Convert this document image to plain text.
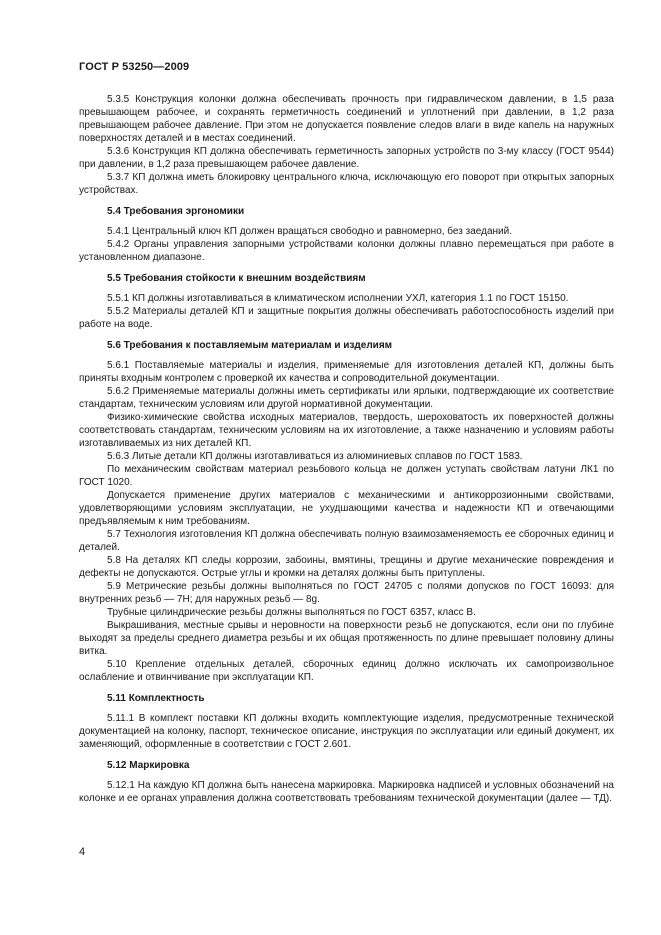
ГОСТ Р 53250—2009
5.3.5 Конструкция колонки должна обеспечивать прочность при гидравлическом давлении, в 1,5 раза превышающем рабочее, и сохранять герметичность соединений и уплотнений при давлении, в 1,2 раза превышающем рабочее давление. При этом не допускается появление следов влаги в виде капель на наружных поверхностях деталей и в местах соединений.
5.3.6 Конструкция КП должна обеспечивать герметичность запорных устройств по 3-му классу (ГОСТ 9544) при давлении, в 1,2 раза превышающем рабочее давление.
5.3.7 КП должна иметь блокировку центрального ключа, исключающую его поворот при открытых запорных устройствах.
5.4 Требования эргономики
5.4.1 Центральный ключ КП должен вращаться свободно и равномерно, без заеданий.
5.4.2 Органы управления запорными устройствами колонки должны плавно перемещаться при работе в установленном диапазоне.
5.5 Требования стойкости к внешним воздействиям
5.5.1 КП должны изготавливаться в климатическом исполнении УХЛ, категория 1.1 по ГОСТ 15150.
5.5.2 Материалы деталей КП и защитные покрытия должны обеспечивать работоспособность изделий при работе на воде.
5.6 Требования к поставляемым материалам и изделиям
5.6.1 Поставляемые материалы и изделия, применяемые для изготовления деталей КП, должны быть приняты входным контролем с проверкой их качества и сопроводительной документации.
5.6.2 Применяемые материалы должны иметь сертификаты или ярлыки, подтверждающие их соответствие стандартам, техническим условиям или другой нормативной документации.
Физико-химические свойства исходных материалов, твердость, шероховатость их поверхностей должны соответствовать стандартам, техническим условиям на их изготовление, а также назначению и условиям работы изготавливаемых из них деталей КП.
5.6.3 Литые детали КП должны изготавливаться из алюминиевых сплавов по ГОСТ 1583.
По механическим свойствам материал резьбового кольца не должен уступать свойствам латуни ЛК1 по ГОСТ 1020.
Допускается применение других материалов с механическими и антикоррозионными свойствами, удовлетворяющими условиям эксплуатации, не ухудшающими качества и надежности КП и отвечающими предъявляемым к ним требованиям.
5.7 Технология изготовления КП должна обеспечивать полную взаимозаменяемость ее сборочных единиц и деталей.
5.8 На деталях КП следы коррозии, забоины, вмятины, трещины и другие механические повреждения и дефекты не допускаются. Острые углы и кромки на деталях должны быть притуплены.
5.9 Метрические резьбы должны выполняться по ГОСТ 24705 с полями допусков по ГОСТ 16093: для внутренних резьб — 7Н; для наружных резьб — 8g.
Трубные цилиндрические резьбы должны выполняться по ГОСТ 6357, класс В.
Выкрашивания, местные срывы и неровности на поверхности резьб не допускаются, если они по глубине выходят за пределы среднего диаметра резьбы и их общая протяженность по длине превышает половину длины витка.
5.10 Крепление отдельных деталей, сборочных единиц должно исключать их самопроизвольное ослабление и отвинчивание при эксплуатации КП.
5.11 Комплектность
5.11.1 В комплект поставки КП должны входить комплектующие изделия, предусмотренные технической документацией на колонку, паспорт, техническое описание, инструкция по эксплуатации или единый документ, их заменяющий, оформленные в соответствии с ГОСТ 2.601.
5.12 Маркировка
5.12.1 На каждую КП должна быть нанесена маркировка. Маркировка надписей и условных обозначений на колонке и ее органах управления должна соответствовать требованиям технической документации (далее — ТД).
4
